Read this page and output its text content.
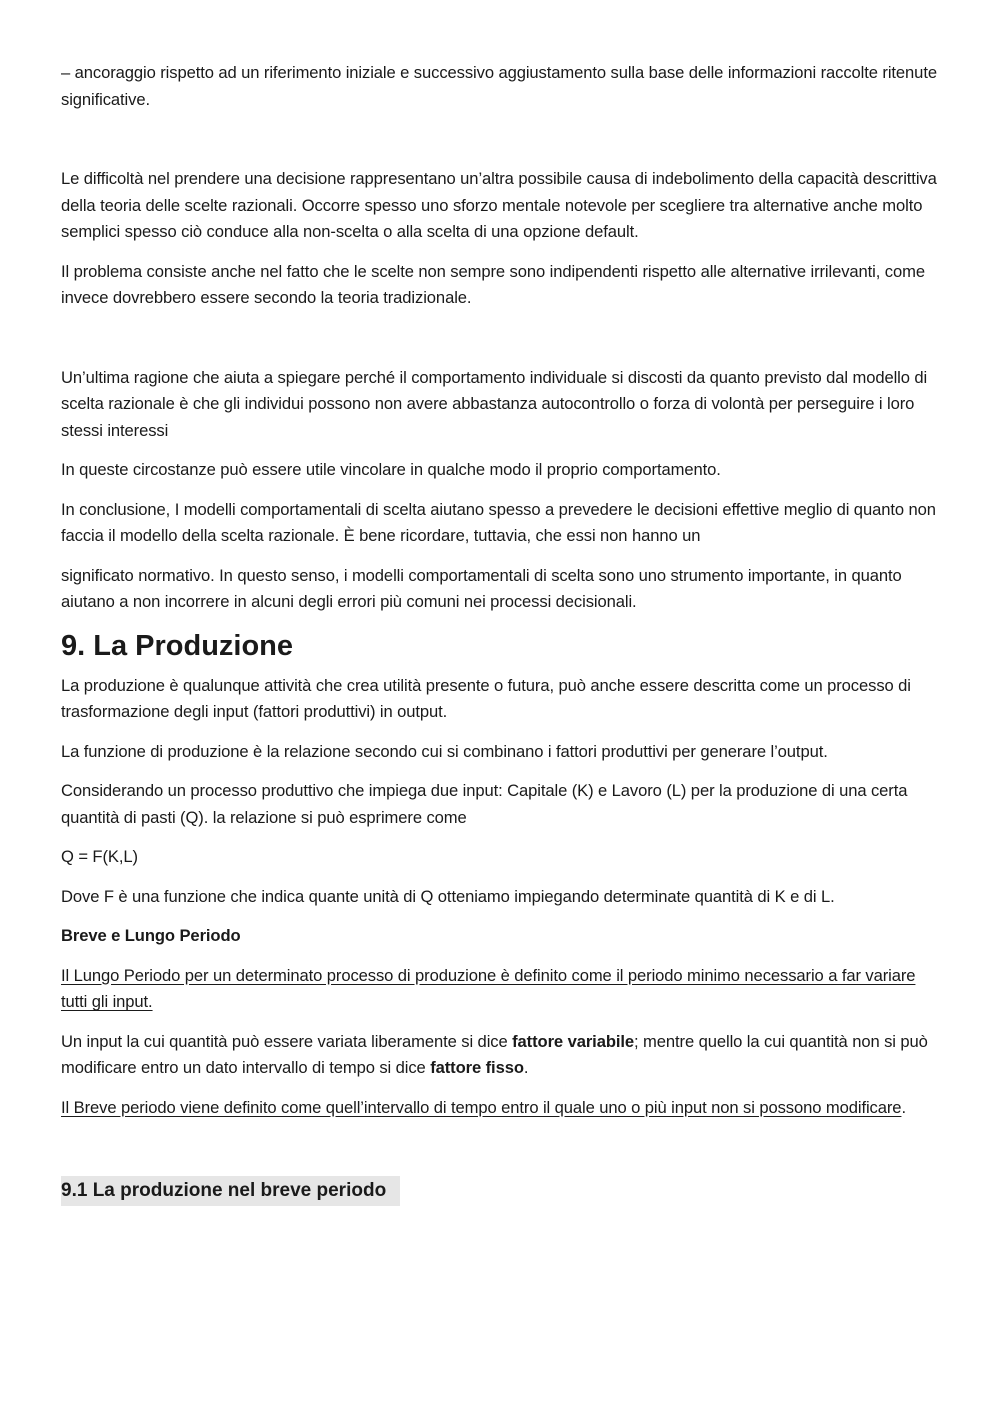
– ancoraggio rispetto ad un riferimento iniziale e successivo aggiustamento sulla base delle informazioni raccolte ritenute significative.

Le difficoltà nel prendere una decisione rappresentano un’altra possibile causa di indebolimento della capacità descrittiva della teoria delle scelte razionali. Occorre spesso uno sforzo mentale notevole per scegliere tra alternative anche molto semplici spesso ciò conduce alla non-scelta o alla scelta di una opzione default.

Il problema consiste anche nel fatto che le scelte non sempre sono indipendenti rispetto alle alternative irrilevanti, come invece dovrebbero essere secondo la teoria tradizionale.

Un’ultima ragione che aiuta a spiegare perché il comportamento individuale si discosti da quanto previsto dal modello di scelta razionale è che gli individui possono non avere abbastanza autocontrollo o forza di volontà per perseguire i loro stessi interessi

In queste circostanze può essere utile vincolare in qualche modo il proprio comportamento.

In conclusione, I modelli comportamentali di scelta aiutano spesso a prevedere le decisioni effettive meglio di quanto non faccia il modello della scelta razionale. È bene ricordare, tuttavia, che essi non hanno un

significato normativo. In questo senso, i modelli comportamentali di scelta sono uno strumento importante, in quanto aiutano a non incorrere in alcuni degli errori più comuni nei processi decisionali.

9. La Produzione

La produzione è qualunque attività che crea utilità presente o futura, può anche essere descritta come un processo di trasformazione degli input (fattori produttivi) in output.

La funzione di produzione è la relazione secondo cui si combinano i fattori produttivi per generare l’output.

Considerando un processo produttivo che impiega due input: Capitale (K) e Lavoro (L) per la produzione di una certa quantità di pasti (Q). la relazione si può esprimere come

Q = F(K,L)

Dove F è una funzione che indica quante unità di Q otteniamo impiegando determinate quantità di K e di L.

Breve e Lungo Periodo

Il Lungo Periodo per un determinato processo di produzione è definito come il periodo minimo necessario a far variare tutti gli input.

Un input la cui quantità può essere variata liberamente si dice fattore variabile; mentre quello la cui quantità non si può modificare entro un dato intervallo di tempo si dice fattore fisso.

Il Breve periodo viene definito come quell’intervallo di tempo entro il quale uno o più input non si possono modificare.

9.1 La produzione nel breve periodo
